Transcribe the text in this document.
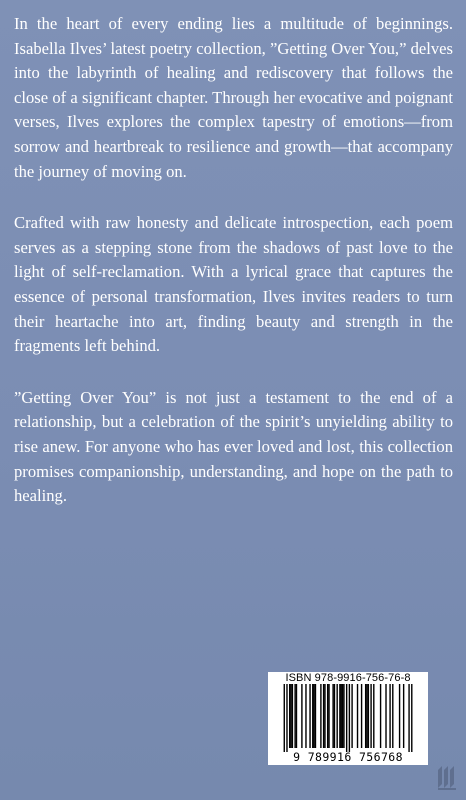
In the heart of every ending lies a multitude of beginnings. Isabella Ilves’ latest poetry collection, ”Getting Over You,” delves into the labyrinth of healing and rediscovery that follows the close of a significant chapter. Through her evocative and poignant verses, Ilves explores the complex tapestry of emotions—from sorrow and heartbreak to resilience and growth—that accompany the journey of moving on.

Crafted with raw honesty and delicate introspection, each poem serves as a stepping stone from the shadows of past love to the light of self-reclamation. With a lyrical grace that captures the essence of personal transformation, Ilves invites readers to turn their heartache into art, finding beauty and strength in the fragments left behind.

”Getting Over You” is not just a testament to the end of a relationship, but a celebration of the spirit’s unyielding ability to rise anew. For anyone who has ever loved and lost, this collection promises companionship, understanding, and hope on the path to healing.

ISBN 978-9916-756-76-8
9 789916 756768
